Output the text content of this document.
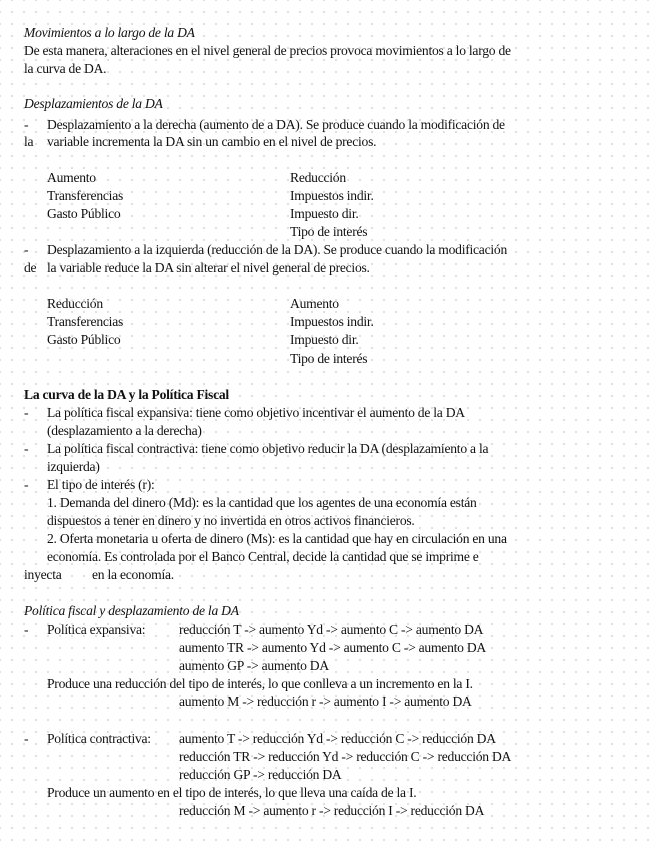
Movimientos a lo largo de la DA
De esta manera, alteraciones en el nivel general de precios provoca movimientos a lo largo de
la curva de DA.
Desplazamientos de la DA
- Desplazamiento a la derecha (aumento de a DA). Se produce cuando la modificación de
la variable incrementa la DA sin un cambio en el nivel de precios.
Aumento
Transferencias
Gasto Público
Reducción
Impuestos indir.
Impuesto dir.
Tipo de interés
- Desplazamiento a la izquierda (reducción de la DA). Se produce cuando la modificación
de la variable reduce la DA sin alterar el nivel general de precios.
Reducción
Transferencias
Gasto Público
Aumento
Impuestos indir.
Impuesto dir.
Tipo de interés
La curva de la DA y la Política Fiscal
- La política fiscal expansiva: tiene como objetivo incentivar el aumento de la DA
(desplazamiento a la derecha)
- La política fiscal contractiva: tiene como objetivo reducir la DA (desplazamiento a la
izquierda)
- El tipo de interés (r):
1. Demanda del dinero (Md): es la cantidad que los agentes de una economía están
dispuestos a tener en dinero y no invertida en otros activos financieros.
2. Oferta monetaria u oferta de dinero (Ms): es la cantidad que hay en circulación en una
economía. Es controlada por el Banco Central, decide la cantidad que se imprime e
inyecta en la economía.
Política fiscal y desplazamiento de la DA
- Política expansiva: reducción T -> aumento Yd -> aumento C -> aumento DA
aumento TR -> aumento Yd -> aumento C -> aumento DA
aumento GP -> aumento DA
Produce una reducción del tipo de interés, lo que conlleva a un incremento en la I.
aumento M -> reducción r -> aumento I -> aumento DA
- Política contractiva: aumento T -> reducción Yd -> reducción C -> reducción DA
reducción TR -> reducción Yd -> reducción C -> reducción DA
reducción GP -> reducción DA
Produce un aumento en el tipo de interés, lo que lleva una caída de la I.
reducción M -> aumento r -> reducción I -> reducción DA
